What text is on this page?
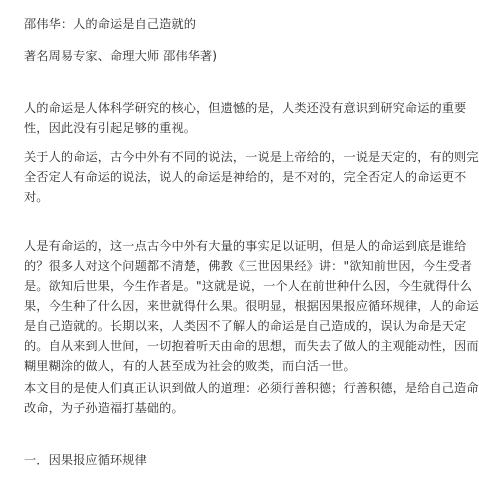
邵伟华：人的命运是自己造就的
著名周易专家、命理大师 邵伟华著)
人的命运是人体科学研究的核心，但遗憾的是，人类还没有意识到研究命运的重要
性，因此没有引起足够的重视。
关于人的命运，古今中外有不同的说法，一说是上帝给的，一说是天定的，有的则完
全否定人有命运的说法，说人的命运是神给的，是不对的，完全否定人的命运更不
对。
人是有命运的，这一点古今中外有大量的事实足以证明，但是人的命运到底是谁给
的？很多人对这个问题都不清楚，佛教《三世因果经》讲："欲知前世因，今生受者
是。欲知后世果，今生作者是。"这就是说，一个人在前世种什么因，今生就得什么
果，今生种了什么因，来世就得什么果。很明显，根据因果报应循环规律，人的命运
是自己造就的。长期以来，人类因不了解人的命运是自己造成的，误认为命是天定
的。自从来到人世间，一切抱着听天由命的思想，而失去了做人的主观能动性，因而
糊里糊涂的做人，有的人甚至成为社会的败类，而白活一世。
本文目的是使人们真正认识到做人的道理：必须行善积德；行善积德，是给自己造命
改命，为子孙造福打基础的。
一．因果报应循环规律
